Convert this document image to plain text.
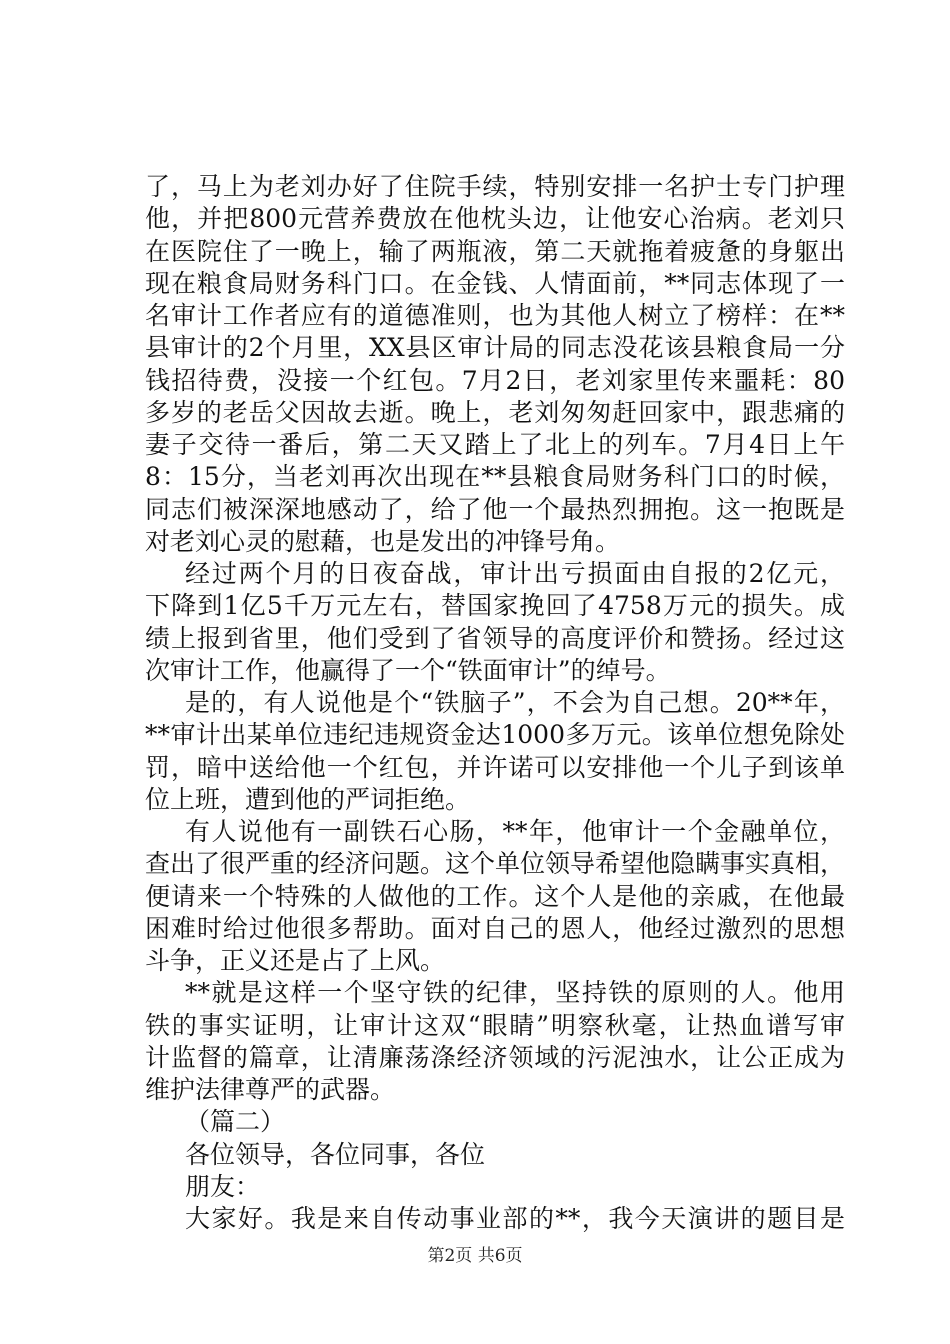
了，马上为老刘办好了住院手续，特别安排一名护士专门护理
他，并把800元营养费放在他枕头边，让他安心治病。老刘只
在医院住了一晚上，输了两瓶液，第二天就拖着疲惫的身躯出
现在粮食局财务科门口。在金钱、人情面前，**同志体现了一
名审计工作者应有的道德准则，也为其他人树立了榜样：在**
县审计的2个月里，XX县区审计局的同志没花该县粮食局一分
钱招待费，没接一个红包。7月2日，老刘家里传来噩耗：80
多岁的老岳父因故去逝。晚上，老刘匆匆赶回家中，跟悲痛的
妻子交待一番后，第二天又踏上了北上的列车。7月4日上午
8：15分，当老刘再次出现在**县粮食局财务科门口的时候，
同志们被深深地感动了，给了他一个最热烈拥抱。这一抱既是
对老刘心灵的慰藉，也是发出的冲锋号角。
经过两个月的日夜奋战，审计出亏损面由自报的2亿元，
下降到1亿5千万元左右，替国家挽回了4758万元的损失。成
绩上报到省里，他们受到了省领导的高度评价和赞扬。经过这
次审计工作，他赢得了一个“铁面审计”的绰号。
是的，有人说他是个“铁脑子”，不会为自己想。20**年，
**审计出某单位违纪违规资金达1000多万元。该单位想免除处
罚，暗中送给他一个红包，并许诺可以安排他一个儿子到该单
位上班，遭到他的严词拒绝。
有人说他有一副铁石心肠，**年，他审计一个金融单位，
查出了很严重的经济问题。这个单位领导希望他隐瞒事实真相，
便请来一个特殊的人做他的工作。这个人是他的亲戚，在他最
困难时给过他很多帮助。面对自己的恩人，他经过激烈的思想
斗争，正义还是占了上风。
**就是这样一个坚守铁的纪律，坚持铁的原则的人。他用
铁的事实证明，让审计这双“眼睛”明察秋毫，让热血谱写审
计监督的篇章，让清廉荡涤经济领域的污泥浊水，让公正成为
维护法律尊严的武器。
（篇二）
各位领导，各位同事，各位
朋友：
大家好。我是来自传动事业部的**，我今天演讲的题目是
第2页 共6页
